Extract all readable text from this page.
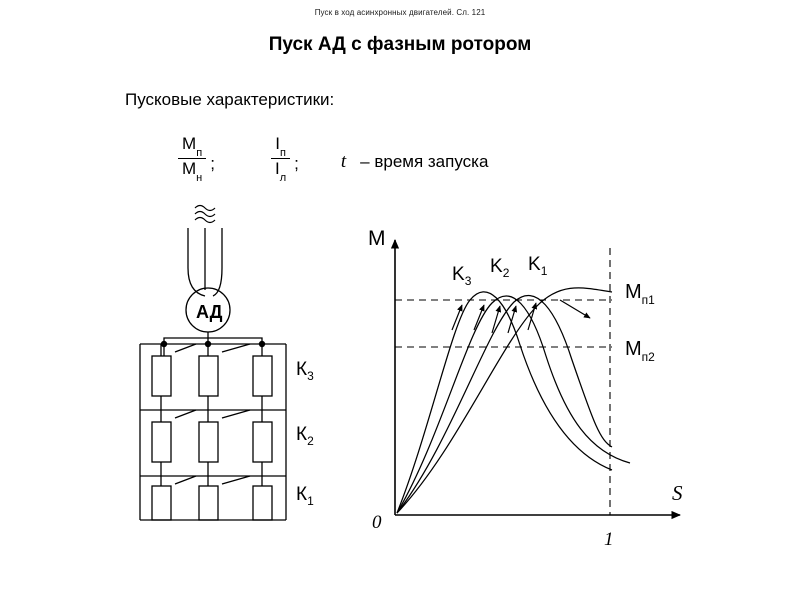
Пуск в ход асинхронных двигателей. Сл. 121
Пуск АД с фазным ротором
Пусковые характеристики:
$\frac{M_п}{M_н}$ ;	$\frac{I_п}{I_л}$ ; t – время запуска
АД
$К_3$
$К_2$
$К_1$
M
S
0
1
$K_3$
$K_2$ $K_1$
$M_{п1}$
$M_{п2}$
